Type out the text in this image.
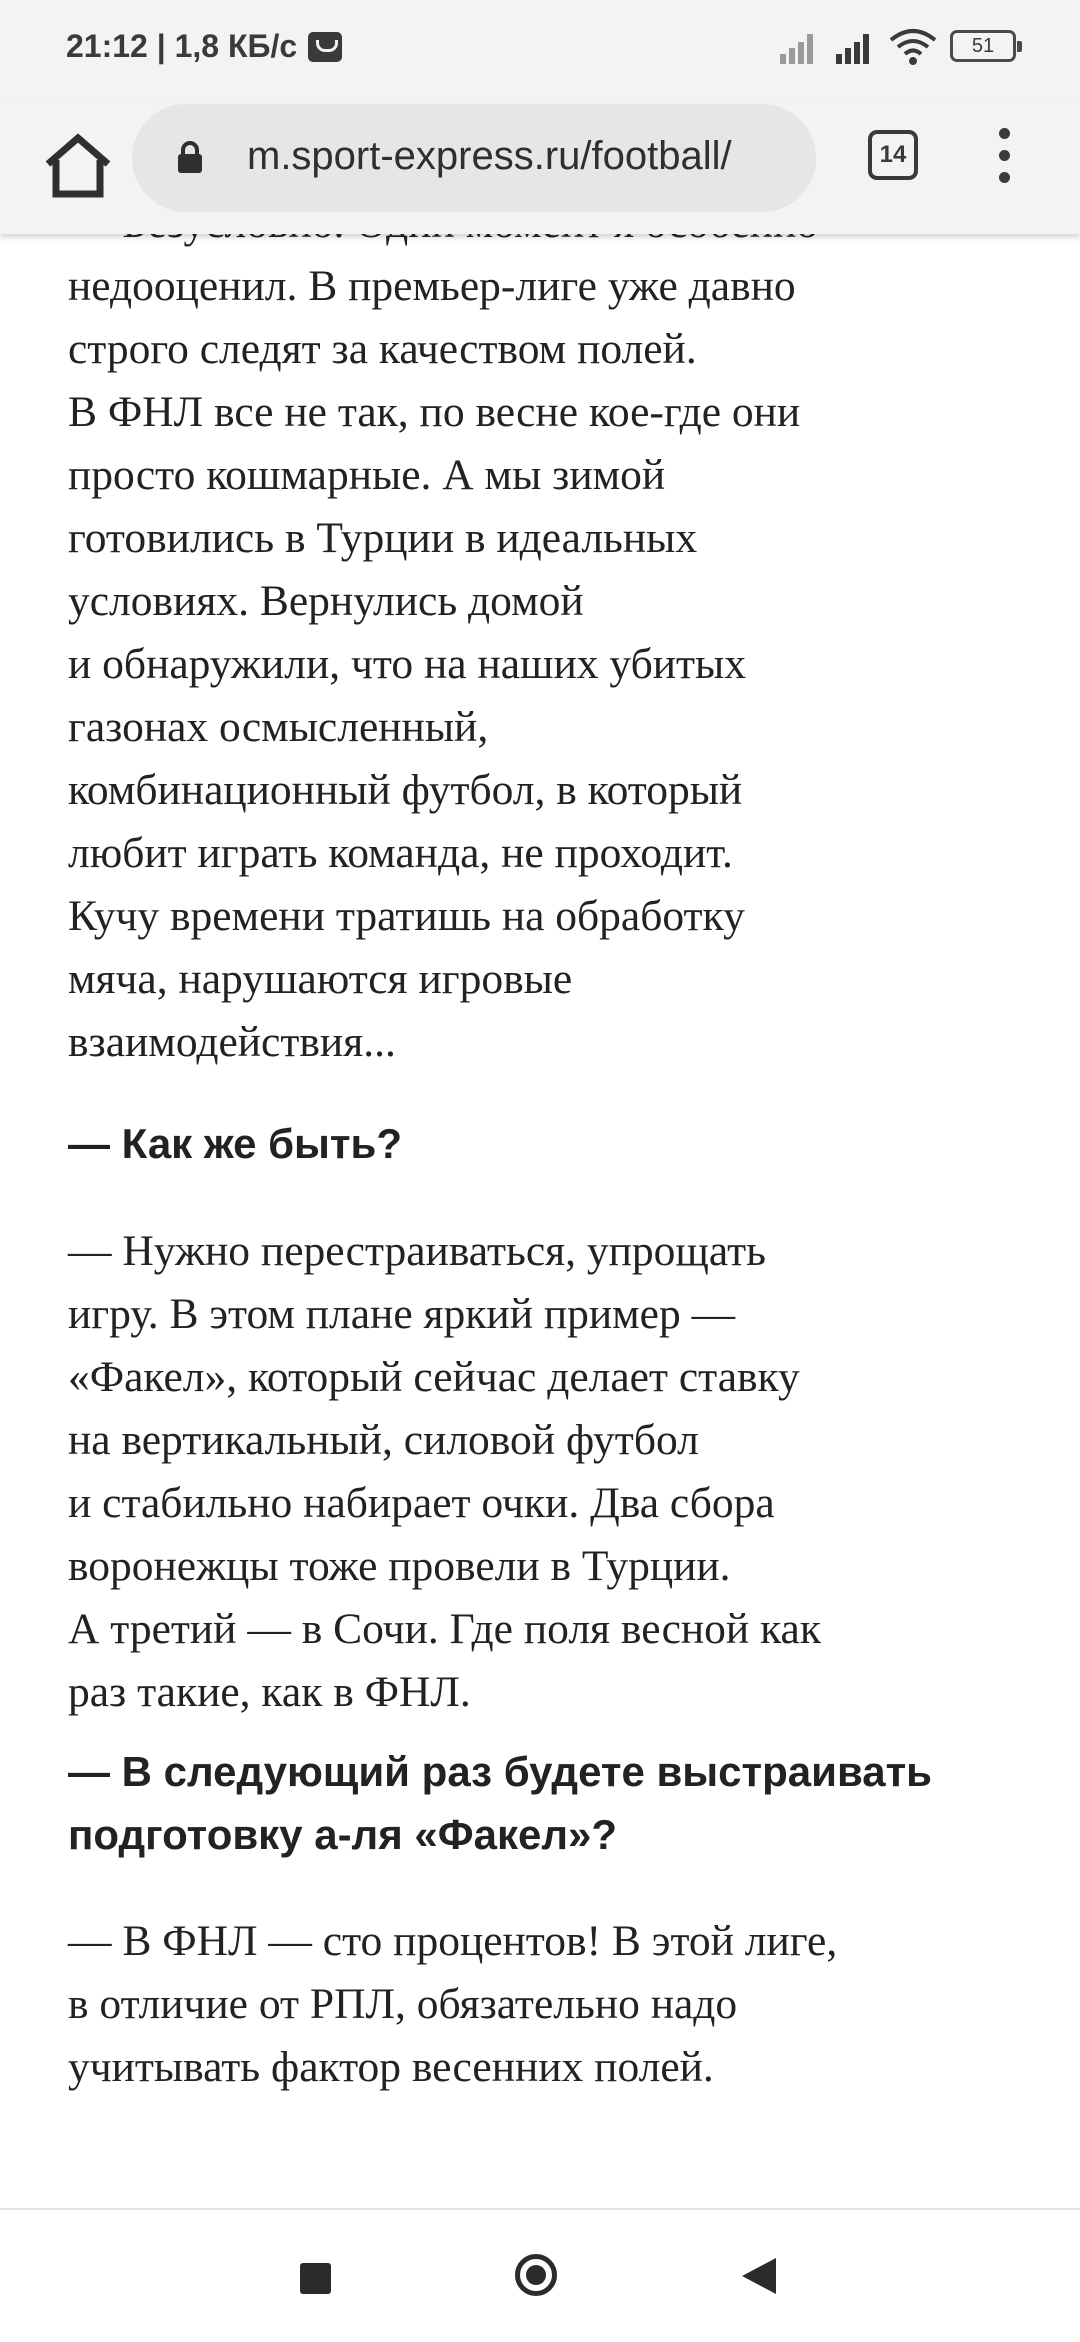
21:12 | 1,8 КБ/с	51
m.sport-express.ru/football/	14
недооценил. В премьер-лиге уже давно
строго следят за качеством полей.
В ФНЛ все не так, по весне кое-где они
просто кошмарные. А мы зимой
готовились в Турции в идеальных
условиях. Вернулись домой
и обнаружили, что на наших убитых
газонах осмысленный,
комбинационный футбол, в который
любит играть команда, не проходит.
Кучу времени тратишь на обработку
мяча, нарушаются игровые
взаимодействия...
— Как же быть?
— Нужно перестраиваться, упрощать
игру. В этом плане яркий пример —
«Факел», который сейчас делает ставку
на вертикальный, силовой футбол
и стабильно набирает очки. Два сбора
воронежцы тоже провели в Турции.
А третий — в Сочи. Где поля весной как
раз такие, как в ФНЛ.
— В следующий раз будете выстраивать
подготовку а-ля «Факел»?
— В ФНЛ — сто процентов! В этой лиге,
в отличие от РПЛ, обязательно надо
учитывать фактор весенних полей.
